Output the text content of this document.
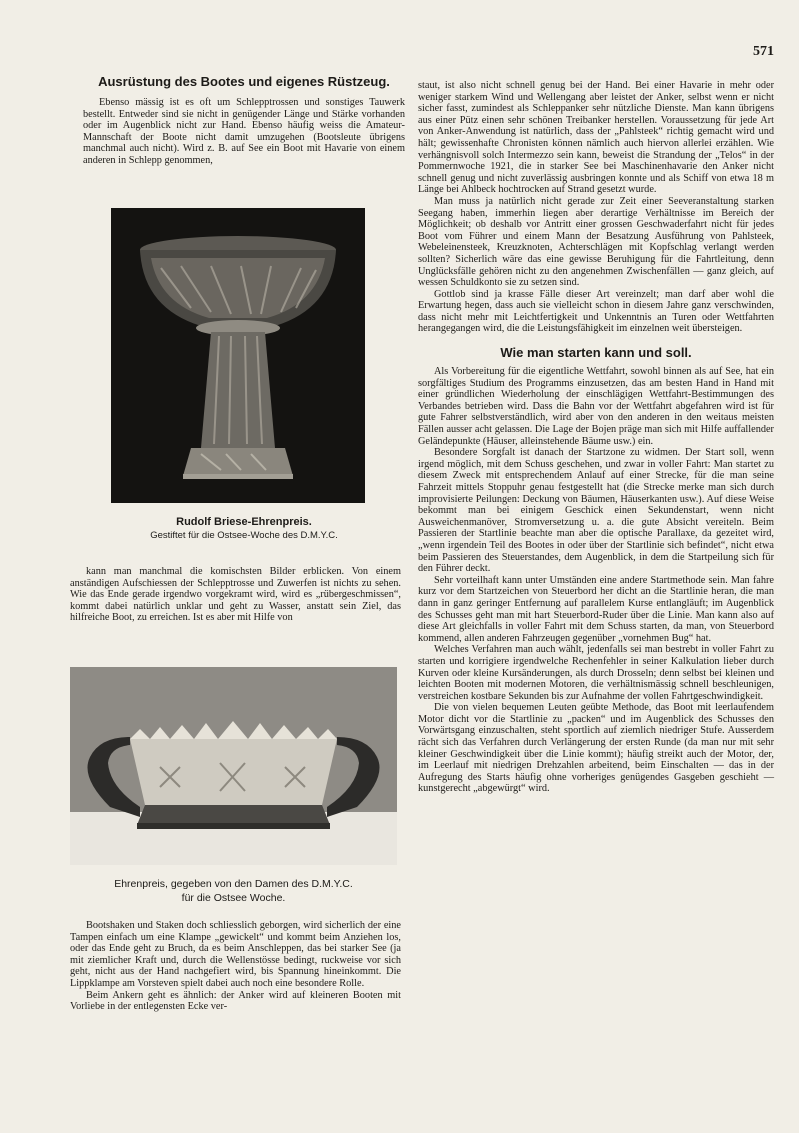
571
Ausrüstung des Bootes und eigenes Rüstzeug.

Ebenso mässig ist es oft um Schlepptrossen und sonstiges Tauwerk bestellt. Entweder sind sie nicht in genügender Länge und Stärke vorhanden oder im Augenblick nicht zur Hand. Ebenso häufig weiss die Amateur-Mannschaft der Boote nicht damit umzugehen (Bootsleute übrigens manchmal auch nicht). Wird z. B. auf See ein Boot mit Havarie von einem anderen in Schlepp genommen,

Rudolf Briese-Ehrenpreis.
Gestiftet für die Ostsee-Woche des D.M.Y.C.

kann man manchmal die komischsten Bilder erblicken. Von einem anständigen Aufschiessen der Schlepptrosse und Zuwerfen ist nichts zu sehen. Wie das Ende gerade irgendwo vorgekramt wird, wird es „rübergeschmissen“, kommt dabei natürlich unklar und geht zu Wasser, anstatt sein Ziel, das hilfreiche Boot, zu erreichen. Ist es aber mit Hilfe von

Ehrenpreis, gegeben von den Damen des D.M.Y.C.
für die Ostsee Woche.

Bootshaken und Staken doch schliesslich geborgen, wird sicherlich der eine Tampen einfach um eine Klampe „gewickelt“ und kommt beim Anziehen los, oder das Ende geht zu Bruch, da es beim Anschleppen, das bei starker See (ja mit ziemlicher Kraft und, durch die Wellenstösse bedingt, ruckweise vor sich geht, nicht aus der Hand nachgefiert wird, bis Spannung hineinkommt. Die Lippklampe am Vorsteven spielt dabei auch noch eine besondere Rolle.

Beim Ankern geht es ähnlich: der Anker wird auf kleineren Booten mit Vorliebe in der entlegensten Ecke ver-

staut, ist also nicht schnell genug bei der Hand. Bei einer Havarie in mehr oder weniger starkem Wind und Wellengang aber leistet der Anker, selbst wenn er nicht sicher fasst, zumindest als Schleppanker sehr nützliche Dienste. Man kann übrigens aus einer Pütz einen sehr schönen Treibanker herstellen. Voraussetzung für jede Art von Anker-Anwendung ist natürlich, dass der „Pahlsteek“ richtig gemacht wird und hält; gewissenhafte Chronisten können nämlich auch hiervon allerlei erzählen. Wie verhängnisvoll solch Intermezzo sein kann, beweist die Strandung der „Telos“ in der Pommernwoche 1921, die in starker See bei Maschinenhavarie den Anker nicht schnell genug und nicht zuverlässig ausbringen konnte und als Schiff von etwa 18 m Länge bei Ahlbeck hochtrocken auf Strand gesetzt wurde.

Man muss ja natürlich nicht gerade zur Zeit einer Seeveranstaltung starken Seegang haben, immerhin liegen aber derartige Verhältnisse im Bereich der Möglichkeit; ob deshalb vor Antritt einer grossen Geschwaderfahrt nicht für jedes Boot vom Führer und einem Mann der Besatzung Ausführung von Pahlsteek, Webeleinensteek, Kreuzknoten, Achterschlägen mit Kopfschlag verlangt werden sollten? Sicherlich wäre das eine gewisse Beruhigung für die Fahrtleitung, denn Unglücksfälle gehören nicht zu den angenehmen Zwischenfällen — ganz gleich, auf wessen Schuldkonto sie zu setzen sind.

Gottlob sind ja krasse Fälle dieser Art vereinzelt; man darf aber wohl die Erwartung hegen, dass auch sie vielleicht schon in diesem Jahre ganz verschwinden, dass nicht mehr mit Leichtfertigkeit und Unkenntnis an Turen oder Wettfahrten herangegangen wird, die die Leistungsfähigkeit im einzelnen weit übersteigen.

Wie man starten kann und soll.

Als Vorbereitung für die eigentliche Wettfahrt, sowohl binnen als auf See, hat ein sorgfältiges Studium des Programms einzusetzen, das am besten Hand in Hand mit einer gründlichen Wiederholung der einschlägigen Wettfahrt-Bestimmungen des Verbandes betrieben wird. Dass die Bahn vor der Wettfahrt abgefahren wird ist für gute Fahrer selbstverständlich, wird aber von den anderen in den weitaus meisten Fällen ausser acht gelassen. Die Lage der Bojen präge man sich mit Hilfe auffallender Geländepunkte (Häuser, alleinstehende Bäume usw.) ein.

Besondere Sorgfalt ist danach der Startzone zu widmen. Der Start soll, wenn irgend möglich, mit dem Schuss geschehen, und zwar in voller Fahrt: Man startet zu diesem Zweck mit entsprechendem Anlauf auf einer Strecke, für die man seine Fahrzeit mittels Stoppuhr genau festgestellt hat (die Strecke merke man sich durch improvisierte Peilungen: Deckung von Bäumen, Häuserkanten usw.). Auf diese Weise bekommt man bei einigem Geschick einen Sekundenstart, wenn nicht Ausweichenmanöver, Stromversetzung u. a. die gute Absicht vereiteln. Beim Passieren der Startlinie beachte man aber die optische Parallaxe, da gezeitet wird, „wenn irgendein Teil des Bootes in oder über der Startlinie sich befindet“, nicht etwa beim Passieren des Steuerstandes, dem Augenblick, in dem die Startpeilung sich für den Führer deckt.

Sehr vorteilhaft kann unter Umständen eine andere Startmethode sein. Man fahre kurz vor dem Startzeichen von Steuerbord her dicht an die Startlinie heran, die man dann in ganz geringer Entfernung auf parallelem Kurse entlangläuft; im Augenblick des Schusses geht man mit hart Steuerbord-Ruder über die Linie. Man kann also auf diese Art gleichfalls in voller Fahrt mit dem Schuss starten, da man, von Steuerbord kommend, allen anderen Fahrzeugen gegenüber „vornehmen Bug“ hat.

Welches Verfahren man auch wählt, jedenfalls sei man bestrebt in voller Fahrt zu starten und korrigiere irgendwelche Rechenfehler in seiner Kalkulation lieber durch Kurven oder kleine Kursänderungen, als durch Drosseln; denn selbst bei kleinen und leichten Booten mit modernen Motoren, die verhältnismässig schnell beschleunigen, verstreichen kostbare Sekunden bis zur Aufnahme der vollen Fahrtgeschwindigkeit.

Die von vielen bequemen Leuten geübte Methode, das Boot mit leerlaufendem Motor dicht vor die Startlinie zu „packen“ und im Augenblick des Schusses den Vorwärtsgang einzuschalten, steht sportlich auf ziemlich niedriger Stufe. Ausserdem rächt sich das Verfahren durch Verlängerung der ersten Runde (da man nur mit sehr kleiner Geschwindigkeit über die Linie kommt); häufig streikt auch der Motor, der, im Leerlauf mit niedrigen Drehzahlen arbeitend, beim Einschalten — das in der Aufregung des Starts häufig ohne vorheriges genügendes Gasgeben geschieht — kunstgerecht „abgewürgt“ wird.
